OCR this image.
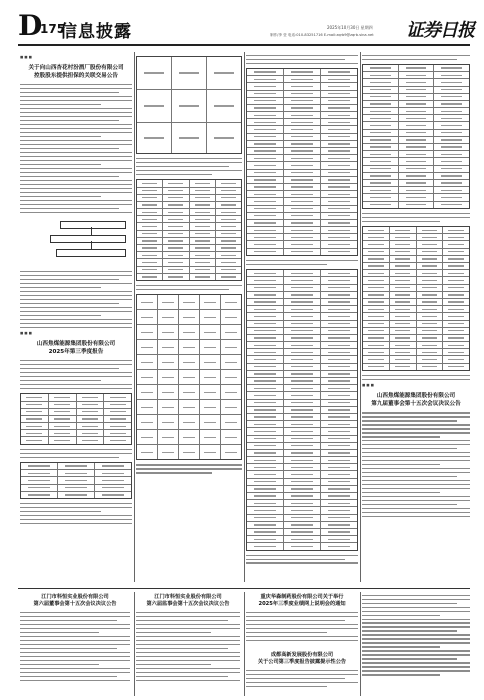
D
175
信息披露	2025年10月30日 星期四
制作/李 莹 电话:010-83251716 E-mail:zqrb9@zqrb.sina.net 证券日报
■ ■ ■
关于向山西杏花村汾酒厂股份有限公司
控股股东提供担保的关联交易公告
■ ■ ■
山西焦煤能源集团股份有限公司
2025年第三季度报告
■ ■ ■
山西焦煤能源集团股份有限公司
第九届董事会第十五次会议决议公告
江门市科恒实业股份有限公司
第六届董事会第十五次会议决议公告
江门市科恒实业股份有限公司
第六届监事会第十五次会议决议公告
重庆华森制药股份有限公司关于举行
2025年三季度业绩网上说明会的通知
成都高新发展股份有限公司
关于公司第三季度报告披露提示性公告
